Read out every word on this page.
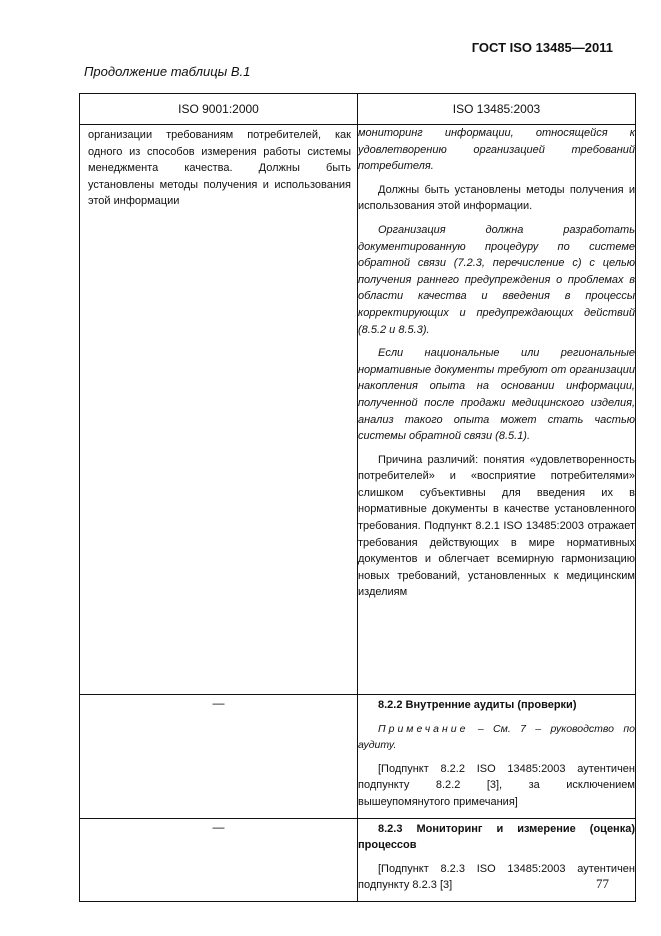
ГОСТ ISO 13485—2011
Продолжение таблицы В.1
ISO 9001:2000	ISO 13485:2003

организации требованиям потребителей, как одного из способов измерения работы системы менеджмента качества. Должны быть установлены методы получения и использования этой информации	мониторинг информации, относящейся к удовлетворению организацией требований потребителя.

Должны быть установлены методы получения и использования этой информации.

Организация должна разработать документированную процедуру по системе обратной связи (7.2.3, перечисление с) с целью получения раннего предупреждения о проблемах в области качества и введения в процессы корректирующих и предупреждающих действий (8.5.2 и 8.5.3).

Если национальные или региональные нормативные документы требуют от организации накопления опыта на основании информации, полученной после продажи медицинского изделия, анализ такого опыта может стать частью системы обратной связи (8.5.1).

Причина различий: понятия «удовлетворенность потребителей» и «восприятие потребителями» слишком субъективны для введения их в нормативные документы в качестве установленного требования. Подпункт 8.2.1 ISO 13485:2003 отражает требования действующих в мире нормативных документов и облегчает всемирную гармонизацию новых требований, установленных к медицинским изделиям

—	8.2.2 Внутренние аудиты (проверки)

Примечание – См. 7 – руководство по аудиту.

[Подпункт 8.2.2 ISO 13485:2003 аутентичен подпункту 8.2.2 [3], за исключением вышеупомянутого примечания]

—	8.2.3 Мониторинг и измерение (оценка) процессов

[Подпункт 8.2.3 ISO 13485:2003 аутентичен подпункту 8.2.3 [3]	77
